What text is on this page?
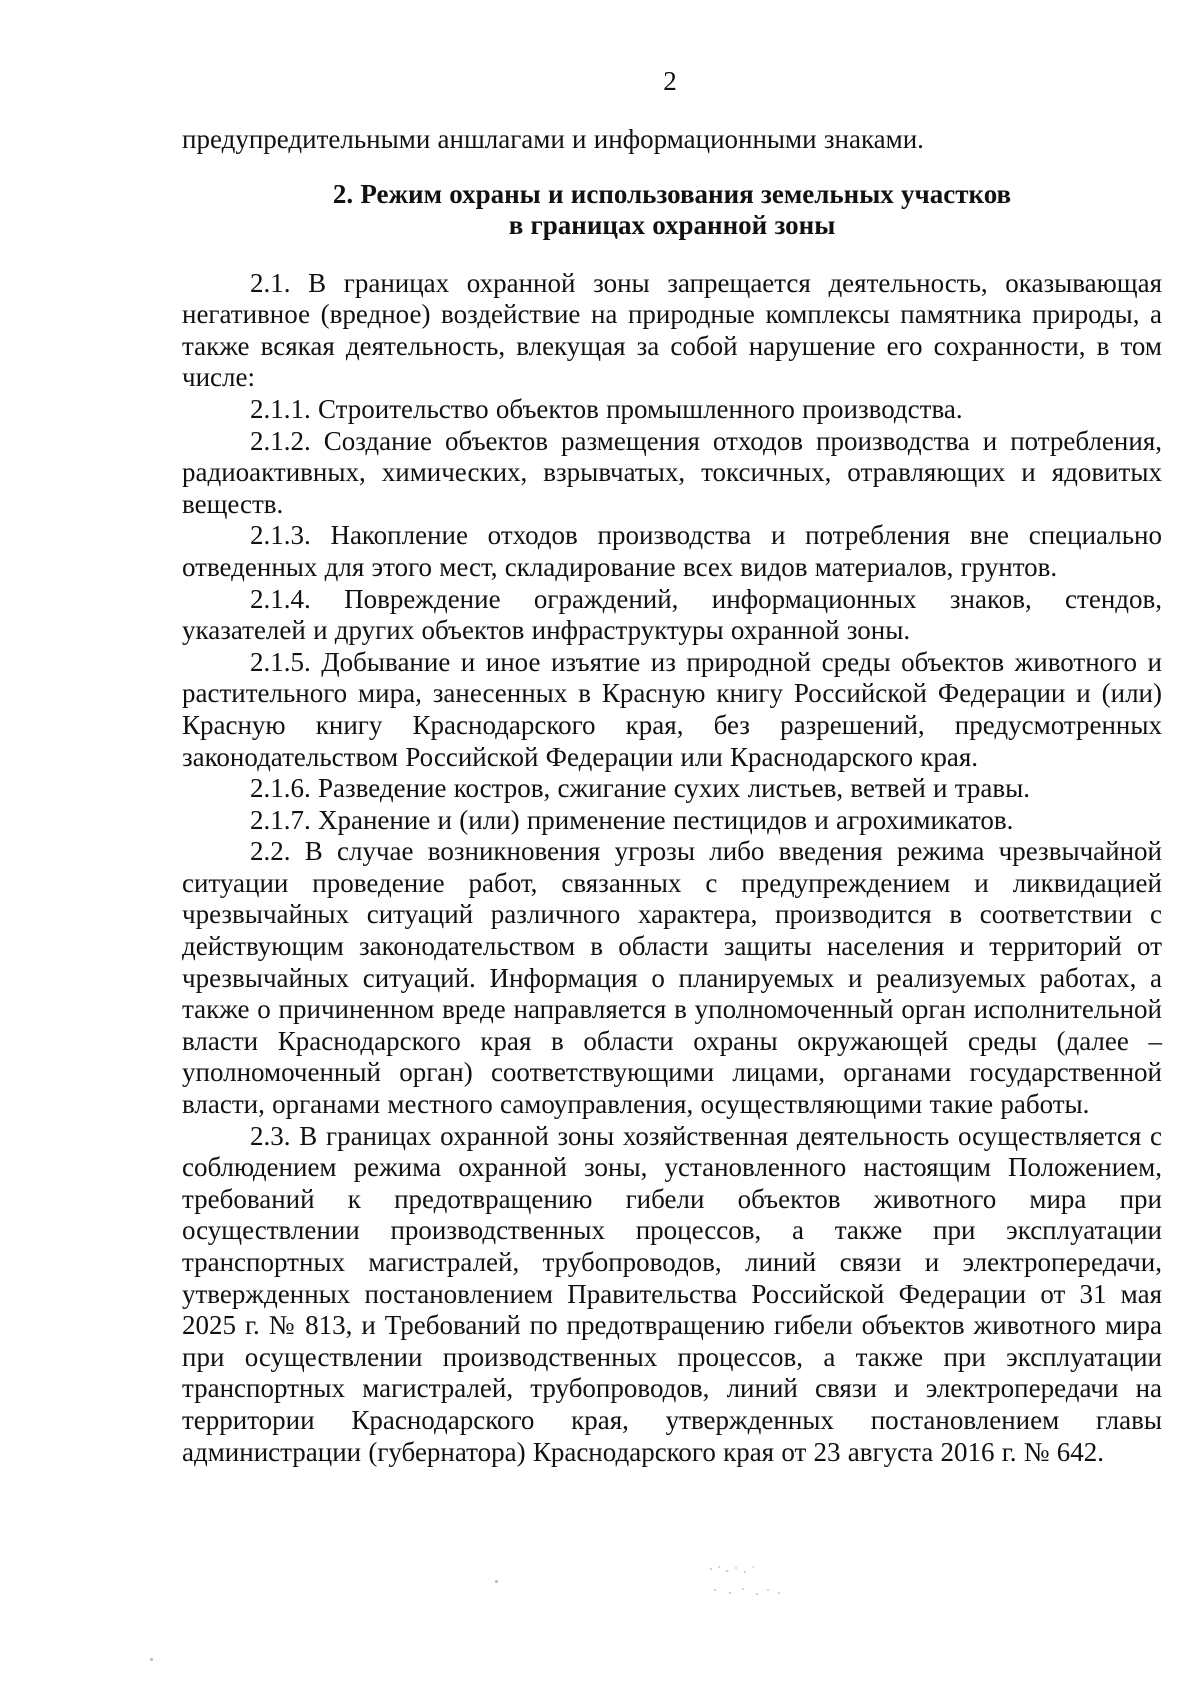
2

предупредительными аншлагами и информационными знаками.

2. Режим охраны и использования земельных участков
в границах охранной зоны

2.1. В границах охранной зоны запрещается деятельность, оказывающая негативное (вредное) воздействие на природные комплексы памятника природы, а также всякая деятельность, влекущая за собой нарушение его сохранности, в том числе:

2.1.1. Строительство объектов промышленного производства.

2.1.2. Создание объектов размещения отходов производства и потребления, радиоактивных, химических, взрывчатых, токсичных, отравляющих и ядовитых веществ.

2.1.3. Накопление отходов производства и потребления вне специально отведенных для этого мест, складирование всех видов материалов, грунтов.

2.1.4. Повреждение ограждений, информационных знаков, стендов, указателей и других объектов инфраструктуры охранной зоны.

2.1.5. Добывание и иное изъятие из природной среды объектов животного и растительного мира, занесенных в Красную книгу Российской Федерации и (или) Красную книгу Краснодарского края, без разрешений, предусмотренных законодательством Российской Федерации или Краснодарского края.

2.1.6. Разведение костров, сжигание сухих листьев, ветвей и травы.

2.1.7. Хранение и (или) применение пестицидов и агрохимикатов.

2.2. В случае возникновения угрозы либо введения режима чрезвычайной ситуации проведение работ, связанных с предупреждением и ликвидацией чрезвычайных ситуаций различного характера, производится в соответствии с действующим законодательством в области защиты населения и территорий от чрезвычайных ситуаций. Информация о планируемых и реализуемых работах, а также о причиненном вреде направляется в уполномоченный орган исполнительной власти Краснодарского края в области охраны окружающей среды (далее – уполномоченный орган) соответствующими лицами, органами государственной власти, органами местного самоуправления, осуществляющими такие работы.

2.3. В границах охранной зоны хозяйственная деятельность осуществляется с соблюдением режима охранной зоны, установленного настоящим Положением, требований к предотвращению гибели объектов животного мира при осуществлении производственных процессов, а также при эксплуатации транспортных магистралей, трубопроводов, линий связи и электропередачи, утвержденных постановлением Правительства Российской Федерации от 31 мая 2025 г. № 813, и Требований по предотвращению гибели объектов животного мира при осуществлении производственных процессов, а также при эксплуатации транспортных магистралей, трубопроводов, линий связи и электропередачи на территории Краснодарского края, утвержденных постановлением главы администрации (губернатора) Краснодарского края от 23 августа 2016 г. № 642.
